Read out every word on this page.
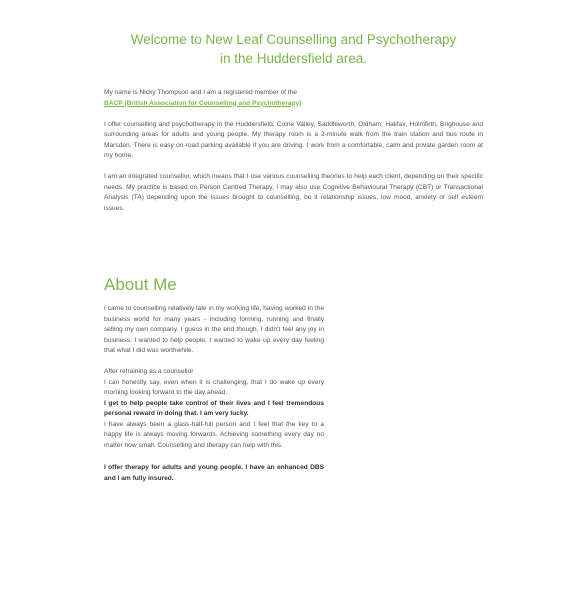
Welcome to New Leaf Counselling and Psychotherapy
in the Huddersfield area.

My name is Nicky Thompson and I am a registered member of the
BACP (British Association for Counselling and Psychotherapy)

I offer counselling and psychotherapy in the Huddersfield, Colne Valley, Saddleworth, Oldham, Halifax, Holmfirth, Brighouse and surrounding areas for adults and young people. My therapy room is a 2-minute walk from the train station and bus route in Marsden. There is easy on-road parking available if you are driving. I work from a comfortable, calm and private garden room at my home.

I am an integrated counsellor, which means that I use various counselling theories to help each client, depending on their specific needs. My practice is based on Person Centred Therapy, I may also use Cognitive Behavioural Therapy (CBT) or Transactional Analysis (TA) depending upon the issues brought to counselling, be it relationship issues, low mood, anxiety or self esteem issues.

About Me

I came to counselling relatively late in my working life, having worked in the business world for many years - including forming, running and finally selling my own company. I guess in the end though, I didn't feel any joy in business. I wanted to help people, I wanted to wake up every day feeling that what I did was worthwhile.

After retraining as a counsellor

I can honestly say, even when it is challenging, that I do wake up every morning looking forward to the day ahead.

I get to help people take control of their lives and I feel tremendous personal reward in doing that. I am very lucky.

I have always been a glass-half-full person and I feel that the key to a happy life is always moving forwards. Achieving something every day no matter how small. Counselling and therapy can help with this.

I offer therapy for adults and young people. I have an enhanced DBS and I am fully insured.
